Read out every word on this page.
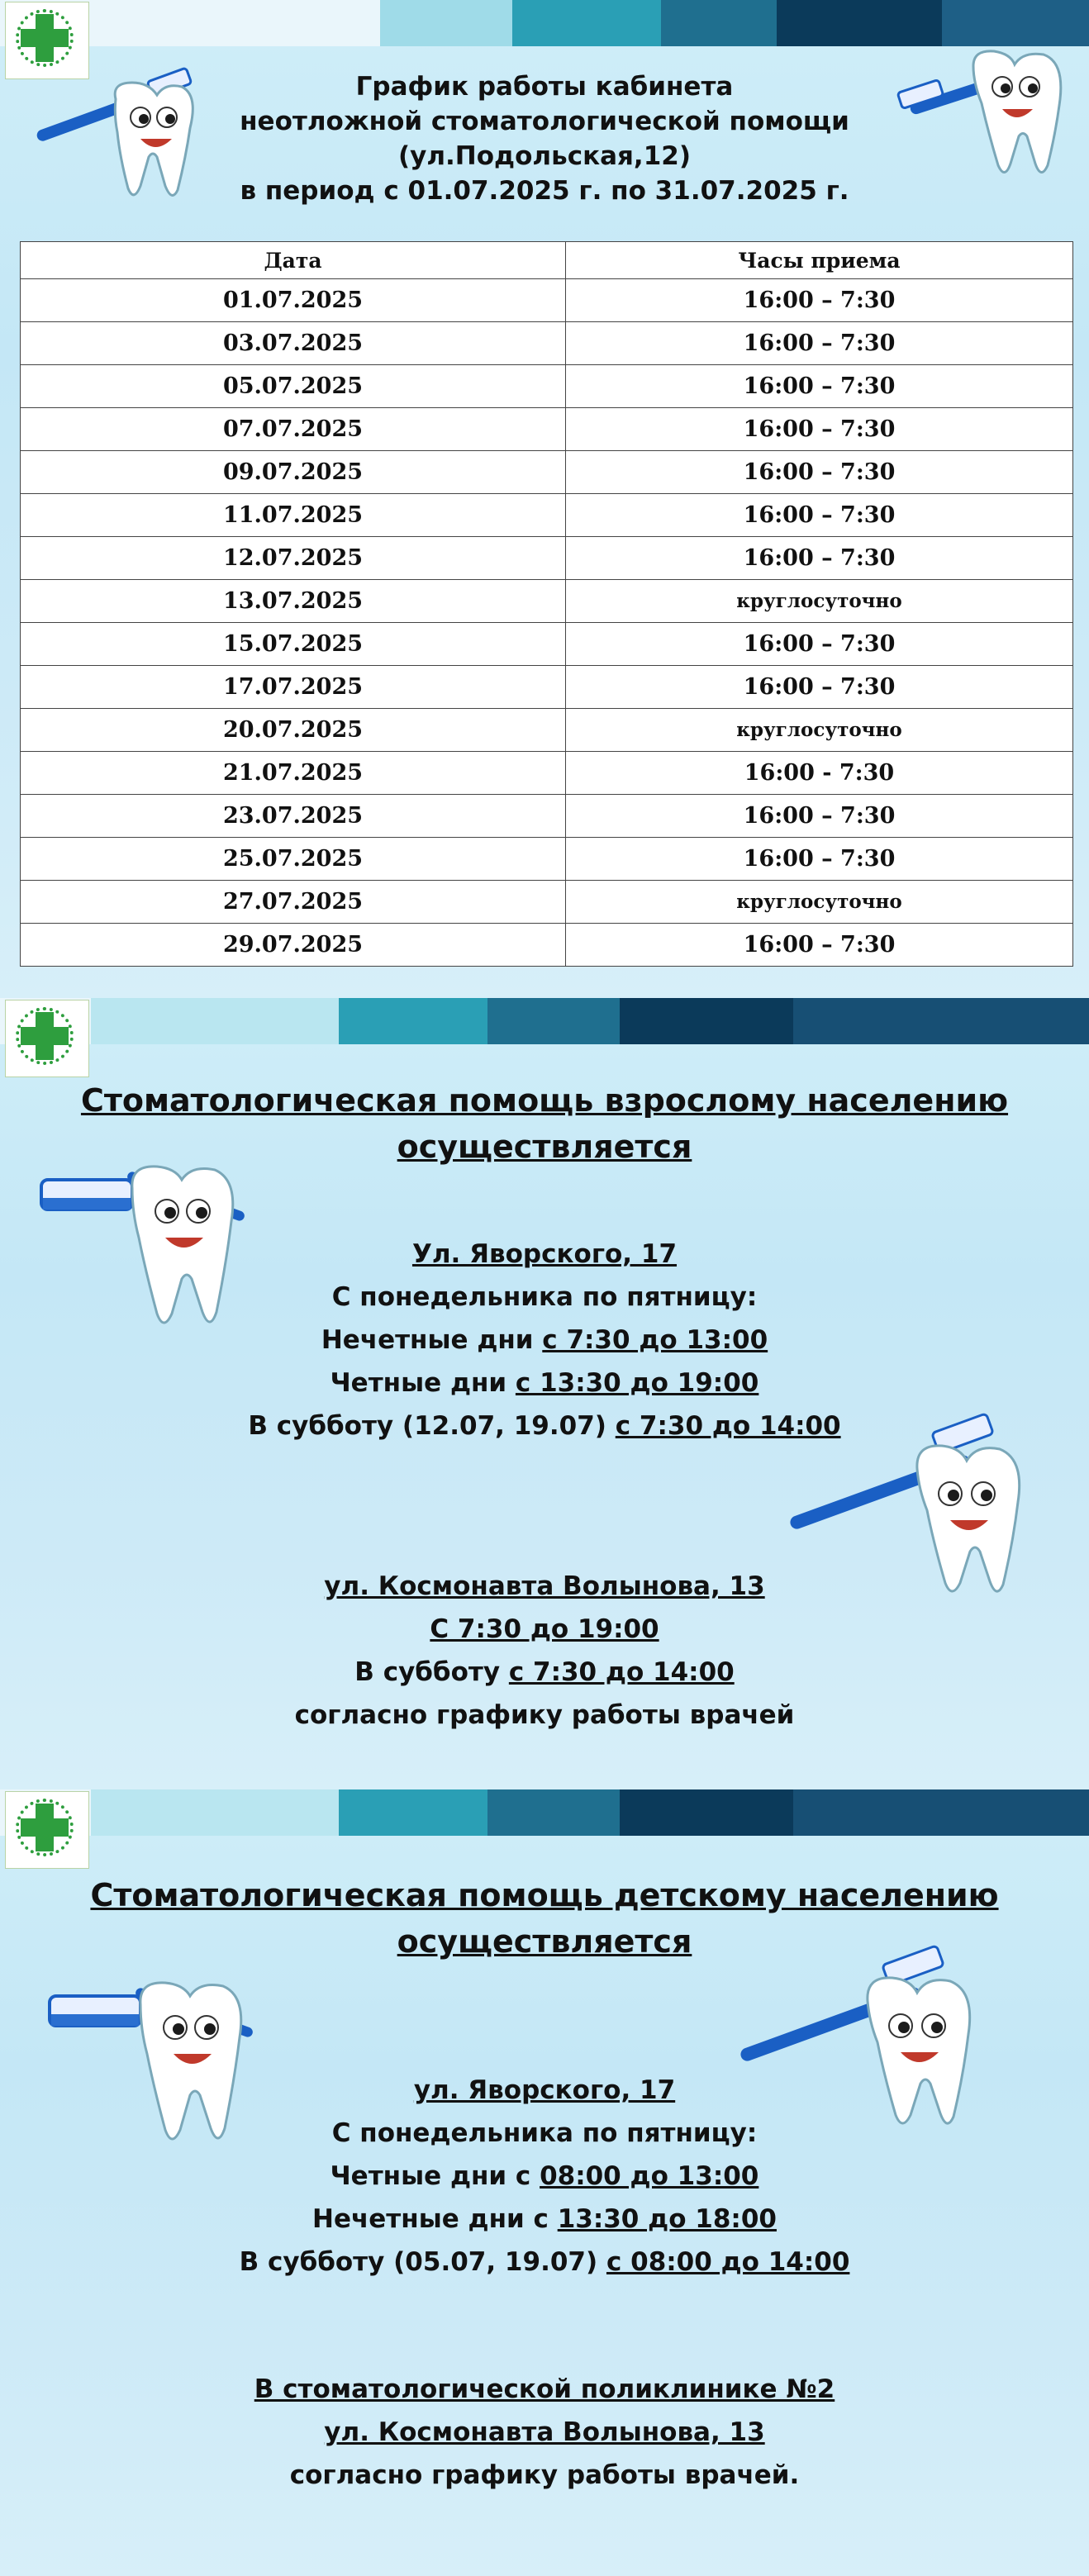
График работы кабинета
неотложной стоматологической помощи
(ул.Подольская,12)
в период с 01.07.2025 г. по 31.07.2025 г.
Дата	Часы приема
01.07.2025	16:00 – 7:30
03.07.2025	16:00 – 7:30
05.07.2025	16:00 – 7:30
07.07.2025	16:00 – 7:30
09.07.2025	16:00 – 7:30
11.07.2025	16:00 – 7:30
12.07.2025	16:00 – 7:30
13.07.2025	круглосуточно
15.07.2025	16:00 – 7:30
17.07.2025	16:00 – 7:30
20.07.2025	круглосуточно
21.07.2025	16:00 - 7:30
23.07.2025	16:00 – 7:30
25.07.2025	16:00 – 7:30
27.07.2025	круглосуточно
29.07.2025	16:00 – 7:30
Стоматологическая помощь взрослому населению
осуществляется
Ул. Яворского, 17
С понедельника по пятницу:
Нечетные дни с 7:30 до 13:00
Четные дни с 13:30 до 19:00
В субботу (12.07, 19.07) с 7:30 до 14:00
ул. Космонавта Волынова, 13
С 7:30 до 19:00
В субботу с 7:30 до 14:00
согласно графику работы врачей
Стоматологическая помощь детскому населению
осуществляется
ул. Яворского, 17
С понедельника по пятницу:
Четные дни с 08:00 до 13:00
Нечетные дни с 13:30 до 18:00
В субботу (05.07, 19.07) с 08:00 до 14:00
В стоматологической поликлинике №2
ул. Космонавта Волынова, 13
согласно графику работы врачей.
